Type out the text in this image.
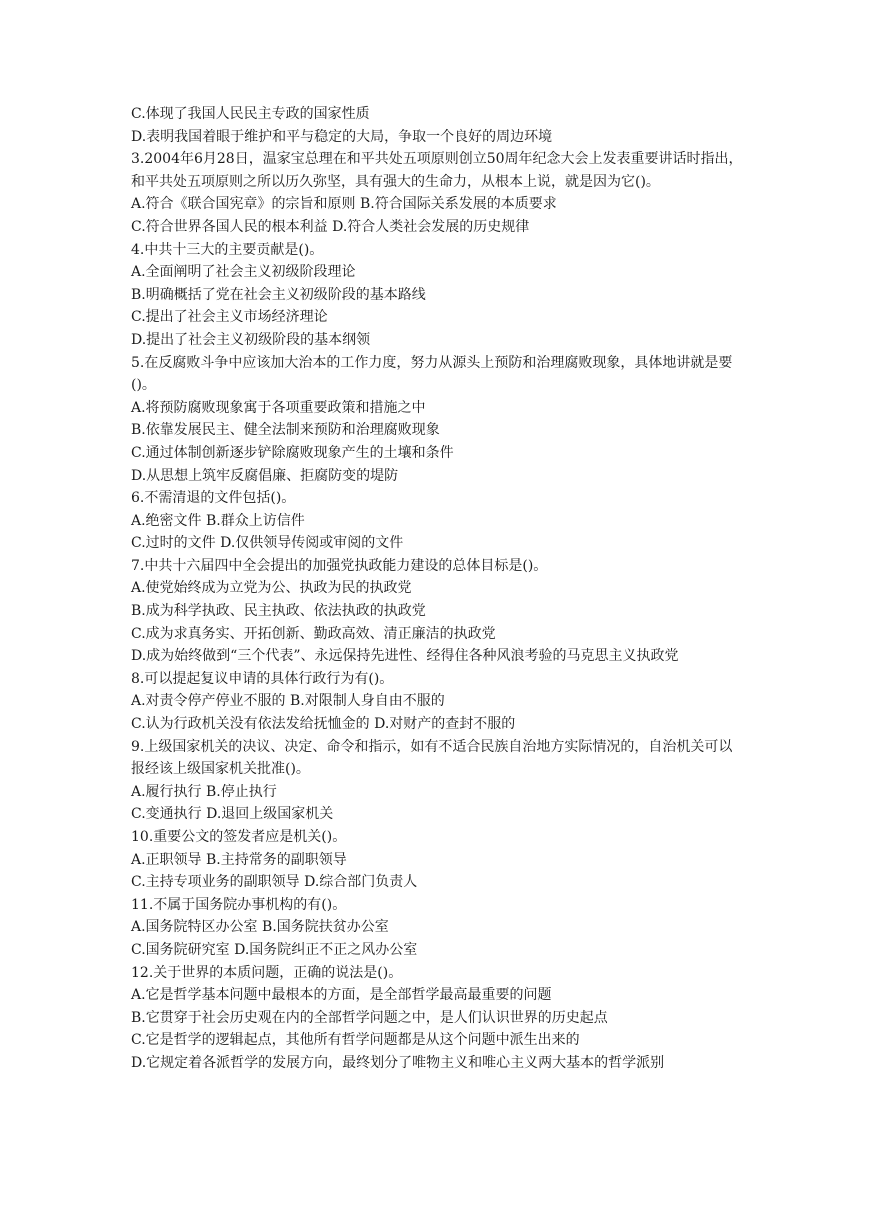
C.体现了我国人民民主专政的国家性质
D.表明我国着眼于维护和平与稳定的大局，争取一个良好的周边环境
3.2004年6月28日，温家宝总理在和平共处五项原则创立50周年纪念大会上发表重要讲话时指出，和平共处五项原则之所以历久弥坚，具有强大的生命力，从根本上说，就是因为它()。
A.符合《联合国宪章》的宗旨和原则 B.符合国际关系发展的本质要求
C.符合世界各国人民的根本利益 D.符合人类社会发展的历史规律
4.中共十三大的主要贡献是()。
A.全面阐明了社会主义初级阶段理论
B.明确概括了党在社会主义初级阶段的基本路线
C.提出了社会主义市场经济理论
D.提出了社会主义初级阶段的基本纲领
5.在反腐败斗争中应该加大治本的工作力度，努力从源头上预防和治理腐败现象，具体地讲就是要()。
A.将预防腐败现象寓于各项重要政策和措施之中
B.依靠发展民主、健全法制来预防和治理腐败现象
C.通过体制创新逐步铲除腐败现象产生的土壤和条件
D.从思想上筑牢反腐倡廉、拒腐防变的堤防
6.不需清退的文件包括()。
A.绝密文件 B.群众上访信件
C.过时的文件 D.仅供领导传阅或审阅的文件
7.中共十六届四中全会提出的加强党执政能力建设的总体目标是()。
A.使党始终成为立党为公、执政为民的执政党
B.成为科学执政、民主执政、依法执政的执政党
C.成为求真务实、开拓创新、勤政高效、清正廉洁的执政党
D.成为始终做到“三个代表”、永远保持先进性、经得住各种风浪考验的马克思主义执政党
8.可以提起复议申请的具体行政行为有()。
A.对责令停产停业不服的 B.对限制人身自由不服的
C.认为行政机关没有依法发给抚恤金的 D.对财产的查封不服的
9.上级国家机关的决议、决定、命令和指示，如有不适合民族自治地方实际情况的，自治机关可以报经该上级国家机关批准()。
A.履行执行 B.停止执行
C.变通执行 D.退回上级国家机关
10.重要公文的签发者应是机关()。
A.正职领导 B.主持常务的副职领导
C.主持专项业务的副职领导 D.综合部门负责人
11.不属于国务院办事机构的有()。
A.国务院特区办公室 B.国务院扶贫办公室
C.国务院研究室 D.国务院纠正不正之风办公室
12.关于世界的本质问题，正确的说法是()。
A.它是哲学基本问题中最根本的方面，是全部哲学最高最重要的问题
B.它贯穿于社会历史观在内的全部哲学问题之中，是人们认识世界的历史起点
C.它是哲学的逻辑起点，其他所有哲学问题都是从这个问题中派生出来的
D.它规定着各派哲学的发展方向，最终划分了唯物主义和唯心主义两大基本的哲学派别
